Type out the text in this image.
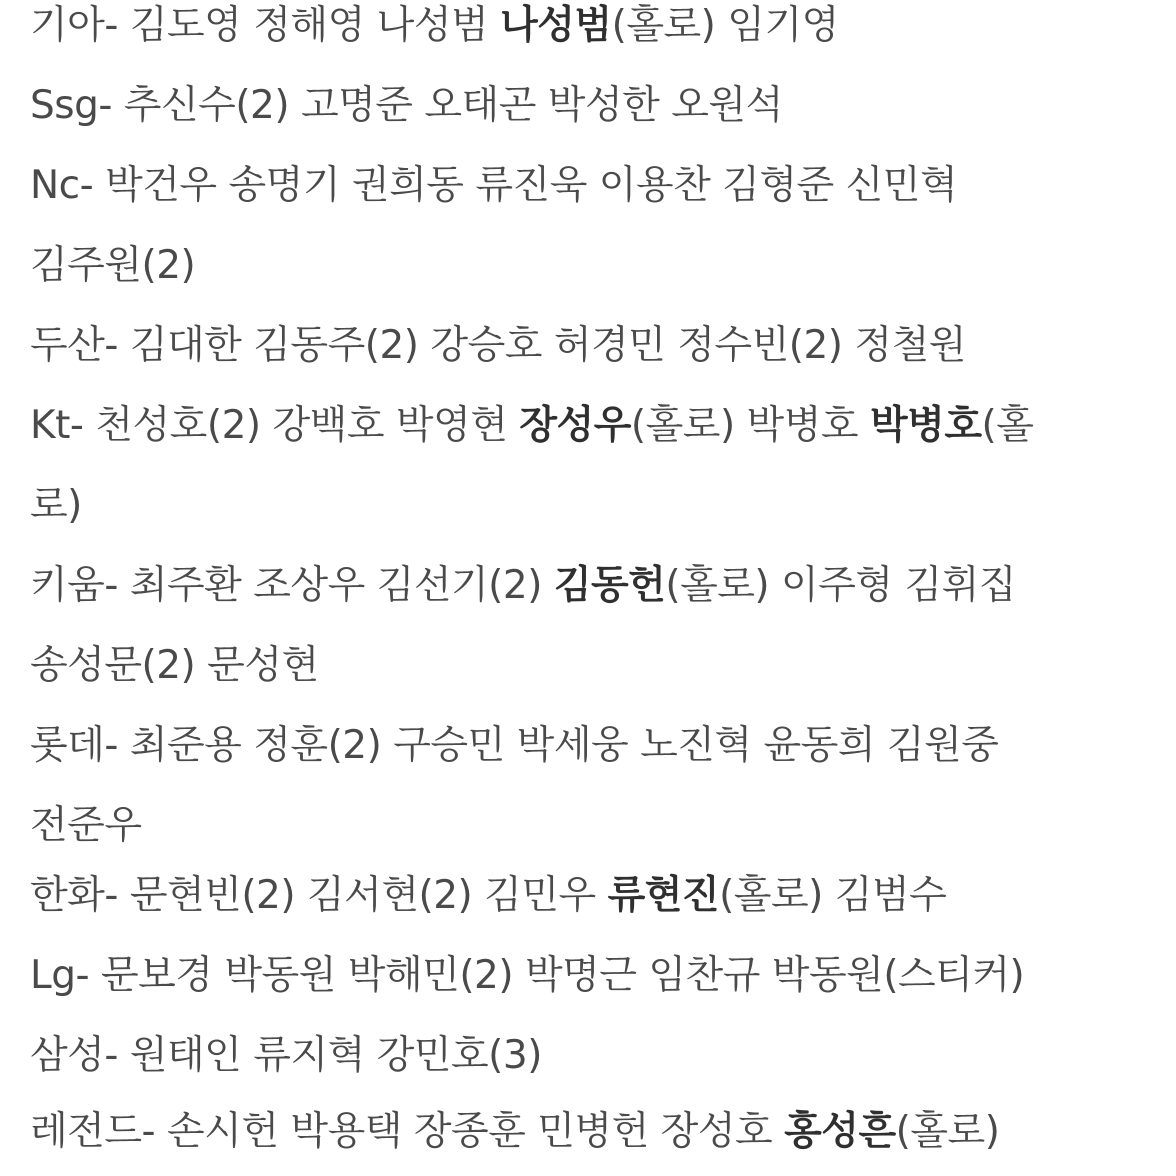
기아- 김도영 정해영 나성범 나성범(홀로) 임기영
Ssg- 추신수(2) 고명준 오태곤 박성한 오원석
Nc- 박건우 송명기 권희동 류진욱 이용찬 김형준 신민혁
김주원(2)
두산- 김대한 김동주(2) 강승호 허경민 정수빈(2) 정철원
Kt- 천성호(2) 강백호 박영현 장성우(홀로) 박병호 박병호(홀
로)
키움- 최주환 조상우 김선기(2) 김동헌(홀로) 이주형 김휘집
송성문(2) 문성현
롯데- 최준용 정훈(2) 구승민 박세웅 노진혁 윤동희 김원중
전준우
한화- 문현빈(2) 김서현(2) 김민우 류현진(홀로) 김범수
Lg- 문보경 박동원 박해민(2) 박명근 임찬규 박동원(스티커)
삼성- 원태인 류지혁 강민호(3)
레전드- 손시헌 박용택 장종훈 민병헌 장성호 홍성흔(홀로)
